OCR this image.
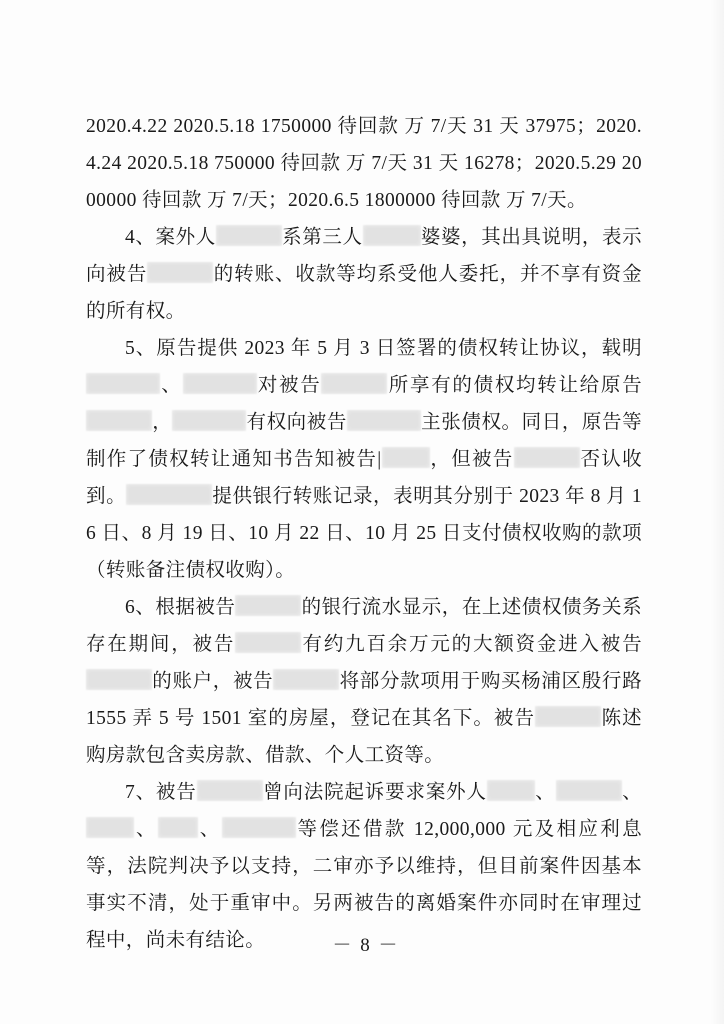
2020.4.22 2020.5.18 1750000 待回款 万 7/天 31 天 37975；2020.4.24 2020.5.18 750000 待回款 万 7/天 31 天 16278；2020.5.29 2000000 待回款 万 7/天；2020.6.5 1800000 待回款 万 7/天。

4、案外人	系第三人	婆婆，其出具说明，表示向被告	的转账、收款等均系受他人委托，并不享有资金的所有权。

5、原告提供 2023 年 5 月 3 日签署的债权转让协议，载明、	对被告	所享有的债权均转让给原告，	有权向被告	主张债权。同日，原告等制作了债权转让通知书告知被告| ，但被告	否认收到。	提供银行转账记录，表明其分别于 2023 年 8 月 16 日、8 月 19 日、10 月 22 日、10 月 25 日支付债权收购的款项（转账备注债权收购）。

6、根据被告	的银行流水显示，在上述债权债务关系存在期间，被告	有约九百余万元的大额资金进入被告的账户，被告	将部分款项用于购买杨浦区殷行路 1555 弄 5 号 1501 室的房屋，登记在其名下。被告	陈述购房款包含卖房款、借款、个人工资等。

7、被告	曾向法院起诉要求案外人 、	、、 、	等偿还借款 12,000,000 元及相应利息等，法院判决予以支持，二审亦予以维持，但目前案件因基本事实不清，处于重审中。另两被告的离婚案件亦同时在审理过程中，尚未有结论。	－ 8 －
